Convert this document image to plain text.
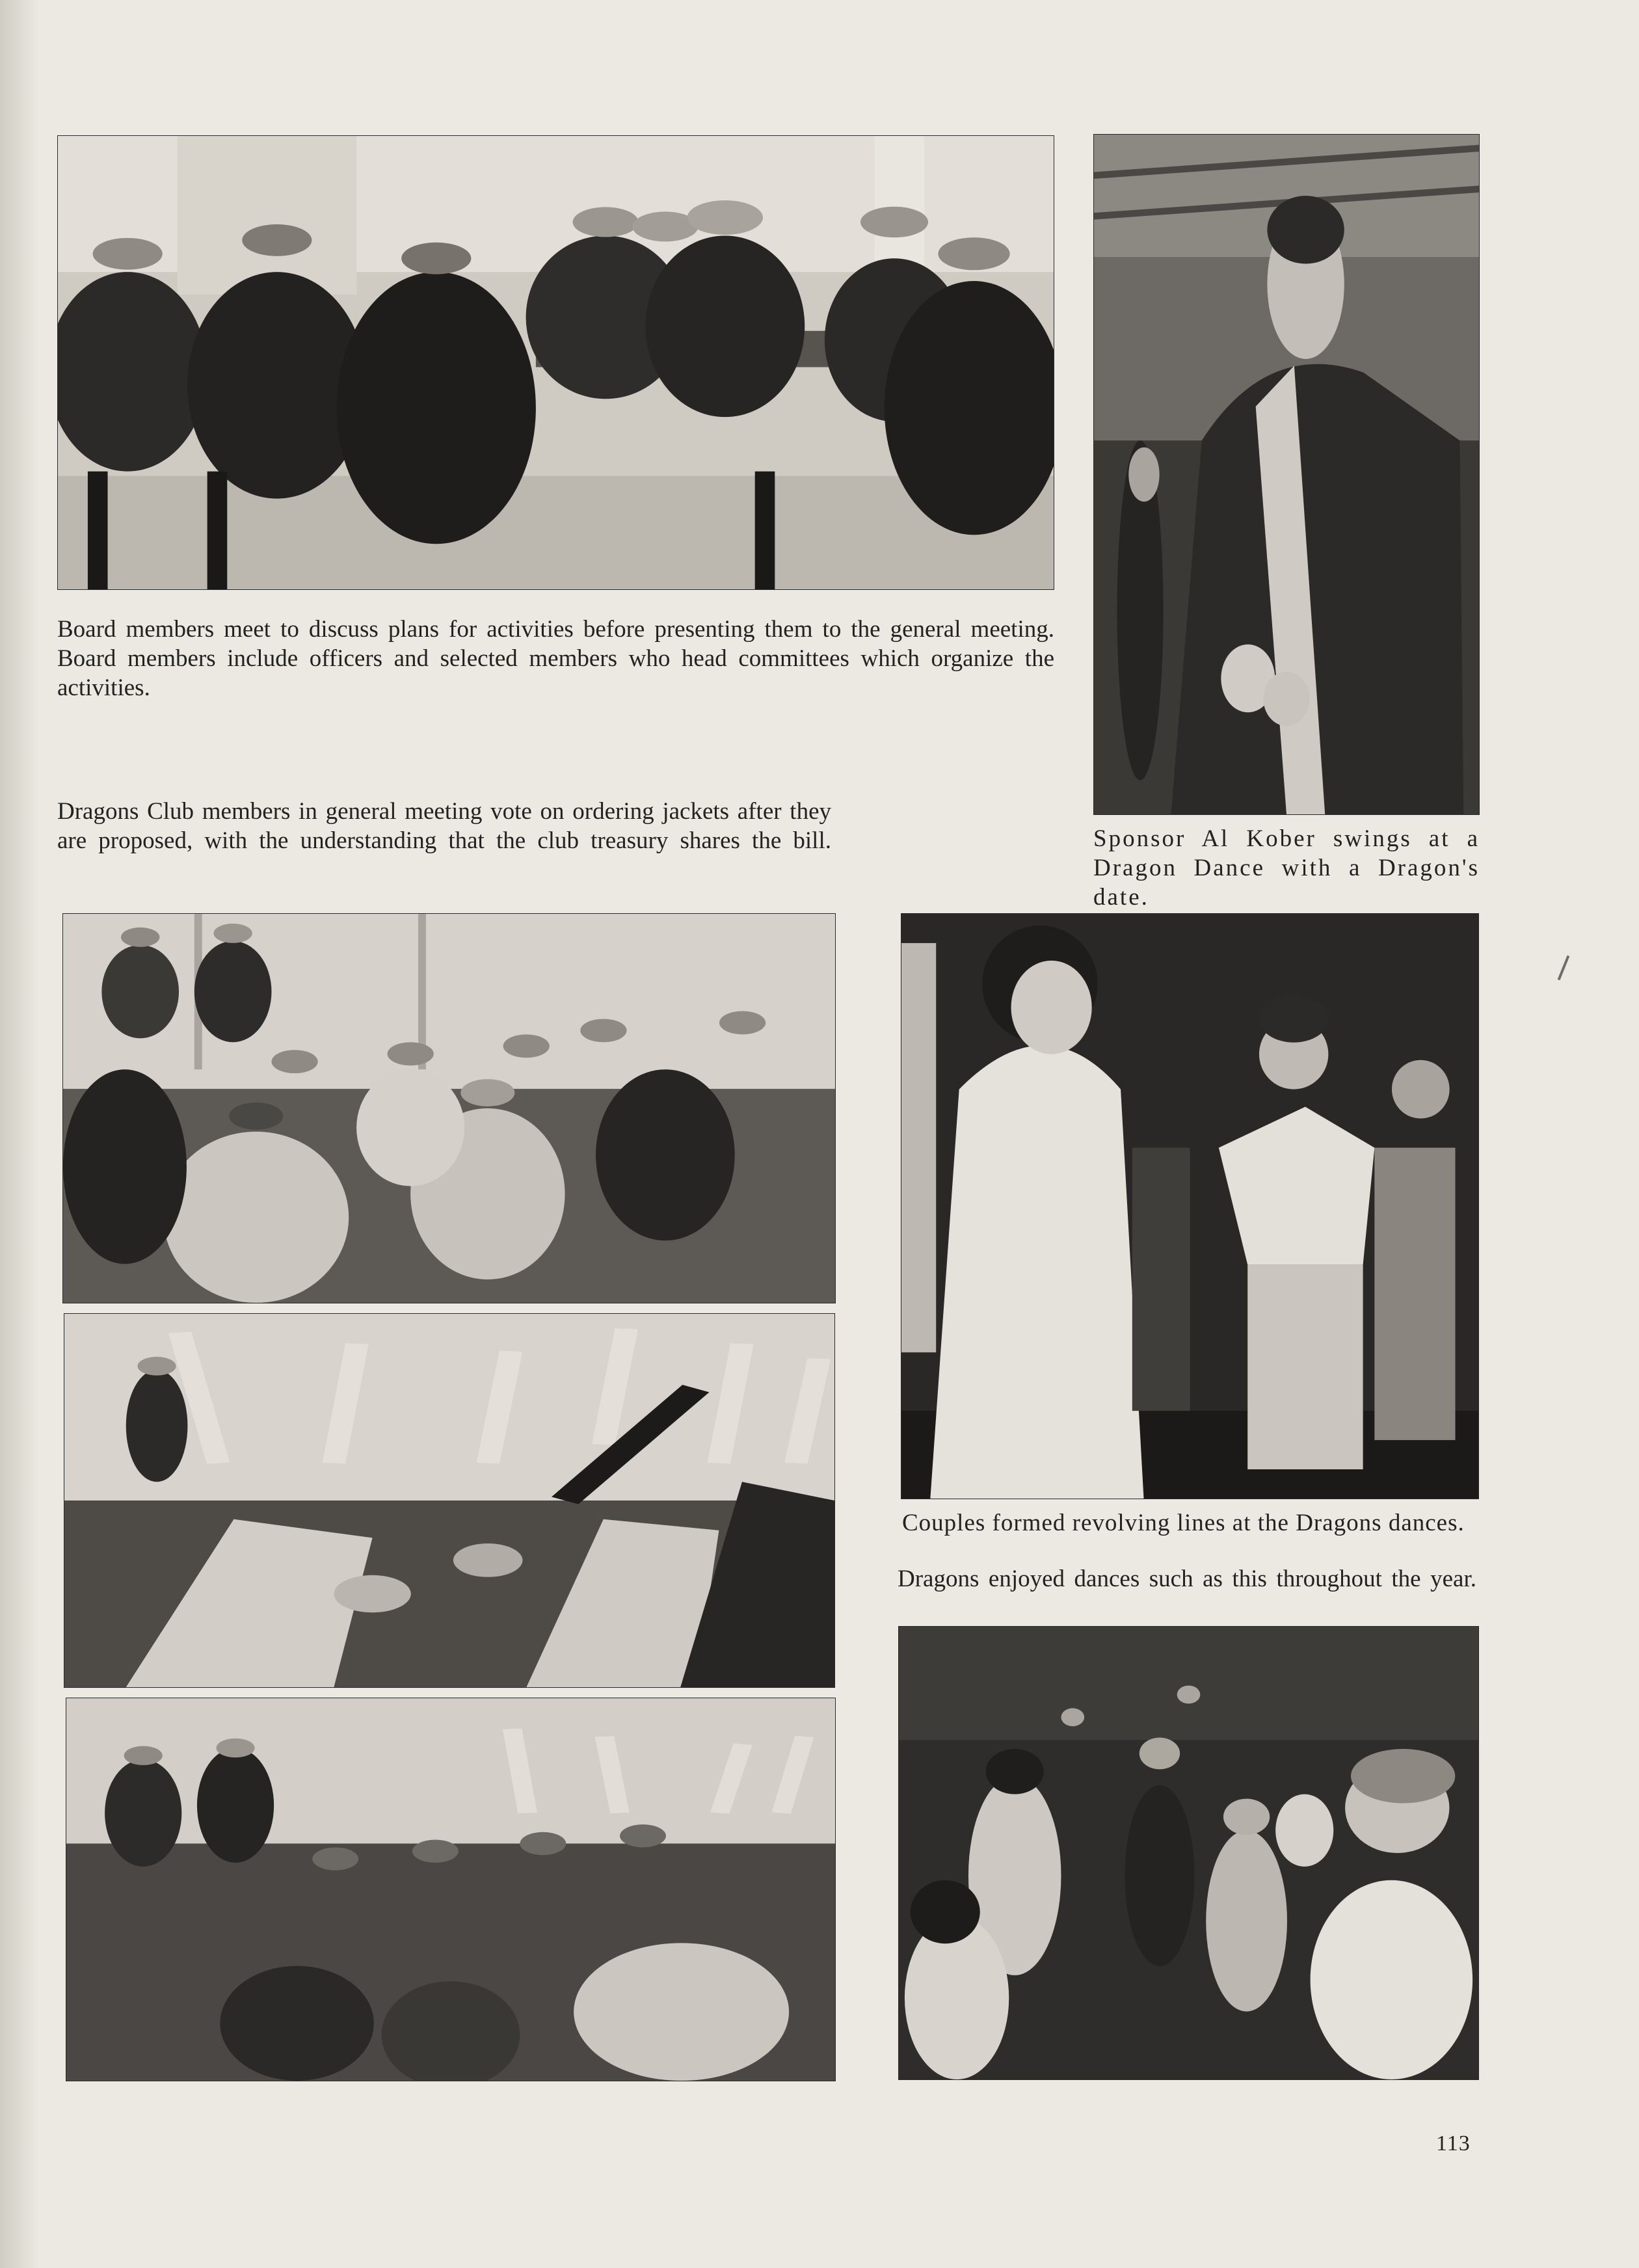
Board members meet to discuss plans for activities before presenting them to the general meeting. Board members include officers and selected members who head committees which organize the activities.

Dragons Club members in general meeting vote on ordering jackets after they are proposed, with the understanding that the club treasury shares the bill.	Sponsor Al Kober swings at a Dragon Dance with a Dragon's date.

Couples formed revolving lines at the Dragons dances.

Dragons enjoyed dances such as this throughout the year.

113
